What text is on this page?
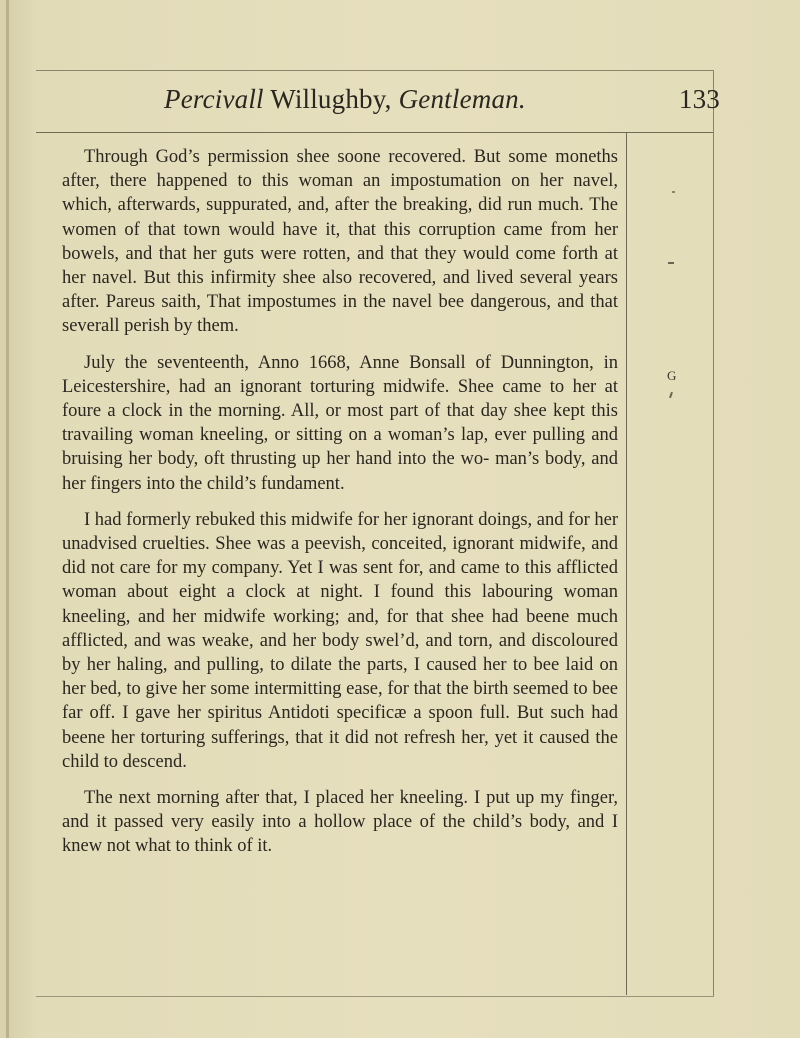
Percivall Willughby, Gentleman.	133

Through God’s permission shee soone recovered. But some moneths after, there happened to this woman an impostumation on her navel, which, afterwards, suppurated, and, after the breaking, did run much. The women of that town would have it, that this corruption came from her bowels, and that her guts were rotten, and that they would come forth at her navel. But this infirmity shee also recovered, and lived several years after. Pareus saith, That impostumes in the navel bee dangerous, and that severall perish by them.

July the seventeenth, Anno 1668, Anne Bonsall of Dunnington, in Leicestershire, had an ignorant torturing midwife. Shee came to her at foure a clock in the morning. All, or most part of that day shee kept this travailing woman kneeling, or sitting on a woman’s lap, ever pulling and bruising her body, oft thrusting up her hand into the wo- man’s body, and her fingers into the child’s fundament.

I had formerly rebuked this midwife for her ignorant doings, and for her unadvised cruelties. Shee was a peevish, conceited, ignorant midwife, and did not care for my company. Yet I was sent for, and came to this afflicted woman about eight a clock at night. I found this labouring woman kneeling, and her midwife working; and, for that shee had beene much afflicted, and was weake, and her body swel’d, and torn, and discoloured by her haling, and pulling, to dilate the parts, I caused her to bee laid on her bed, to give her some intermitting ease, for that the birth seemed to bee far off. I gave her spiritus Antidoti specificæ a spoon full. But such had beene her torturing sufferings, that it did not refresh her, yet it caused the child to descend.

The next morning after that, I placed her kneeling. I put up my finger, and it passed very easily into a hollow place of the child’s body, and I knew not what to think of it.

G
